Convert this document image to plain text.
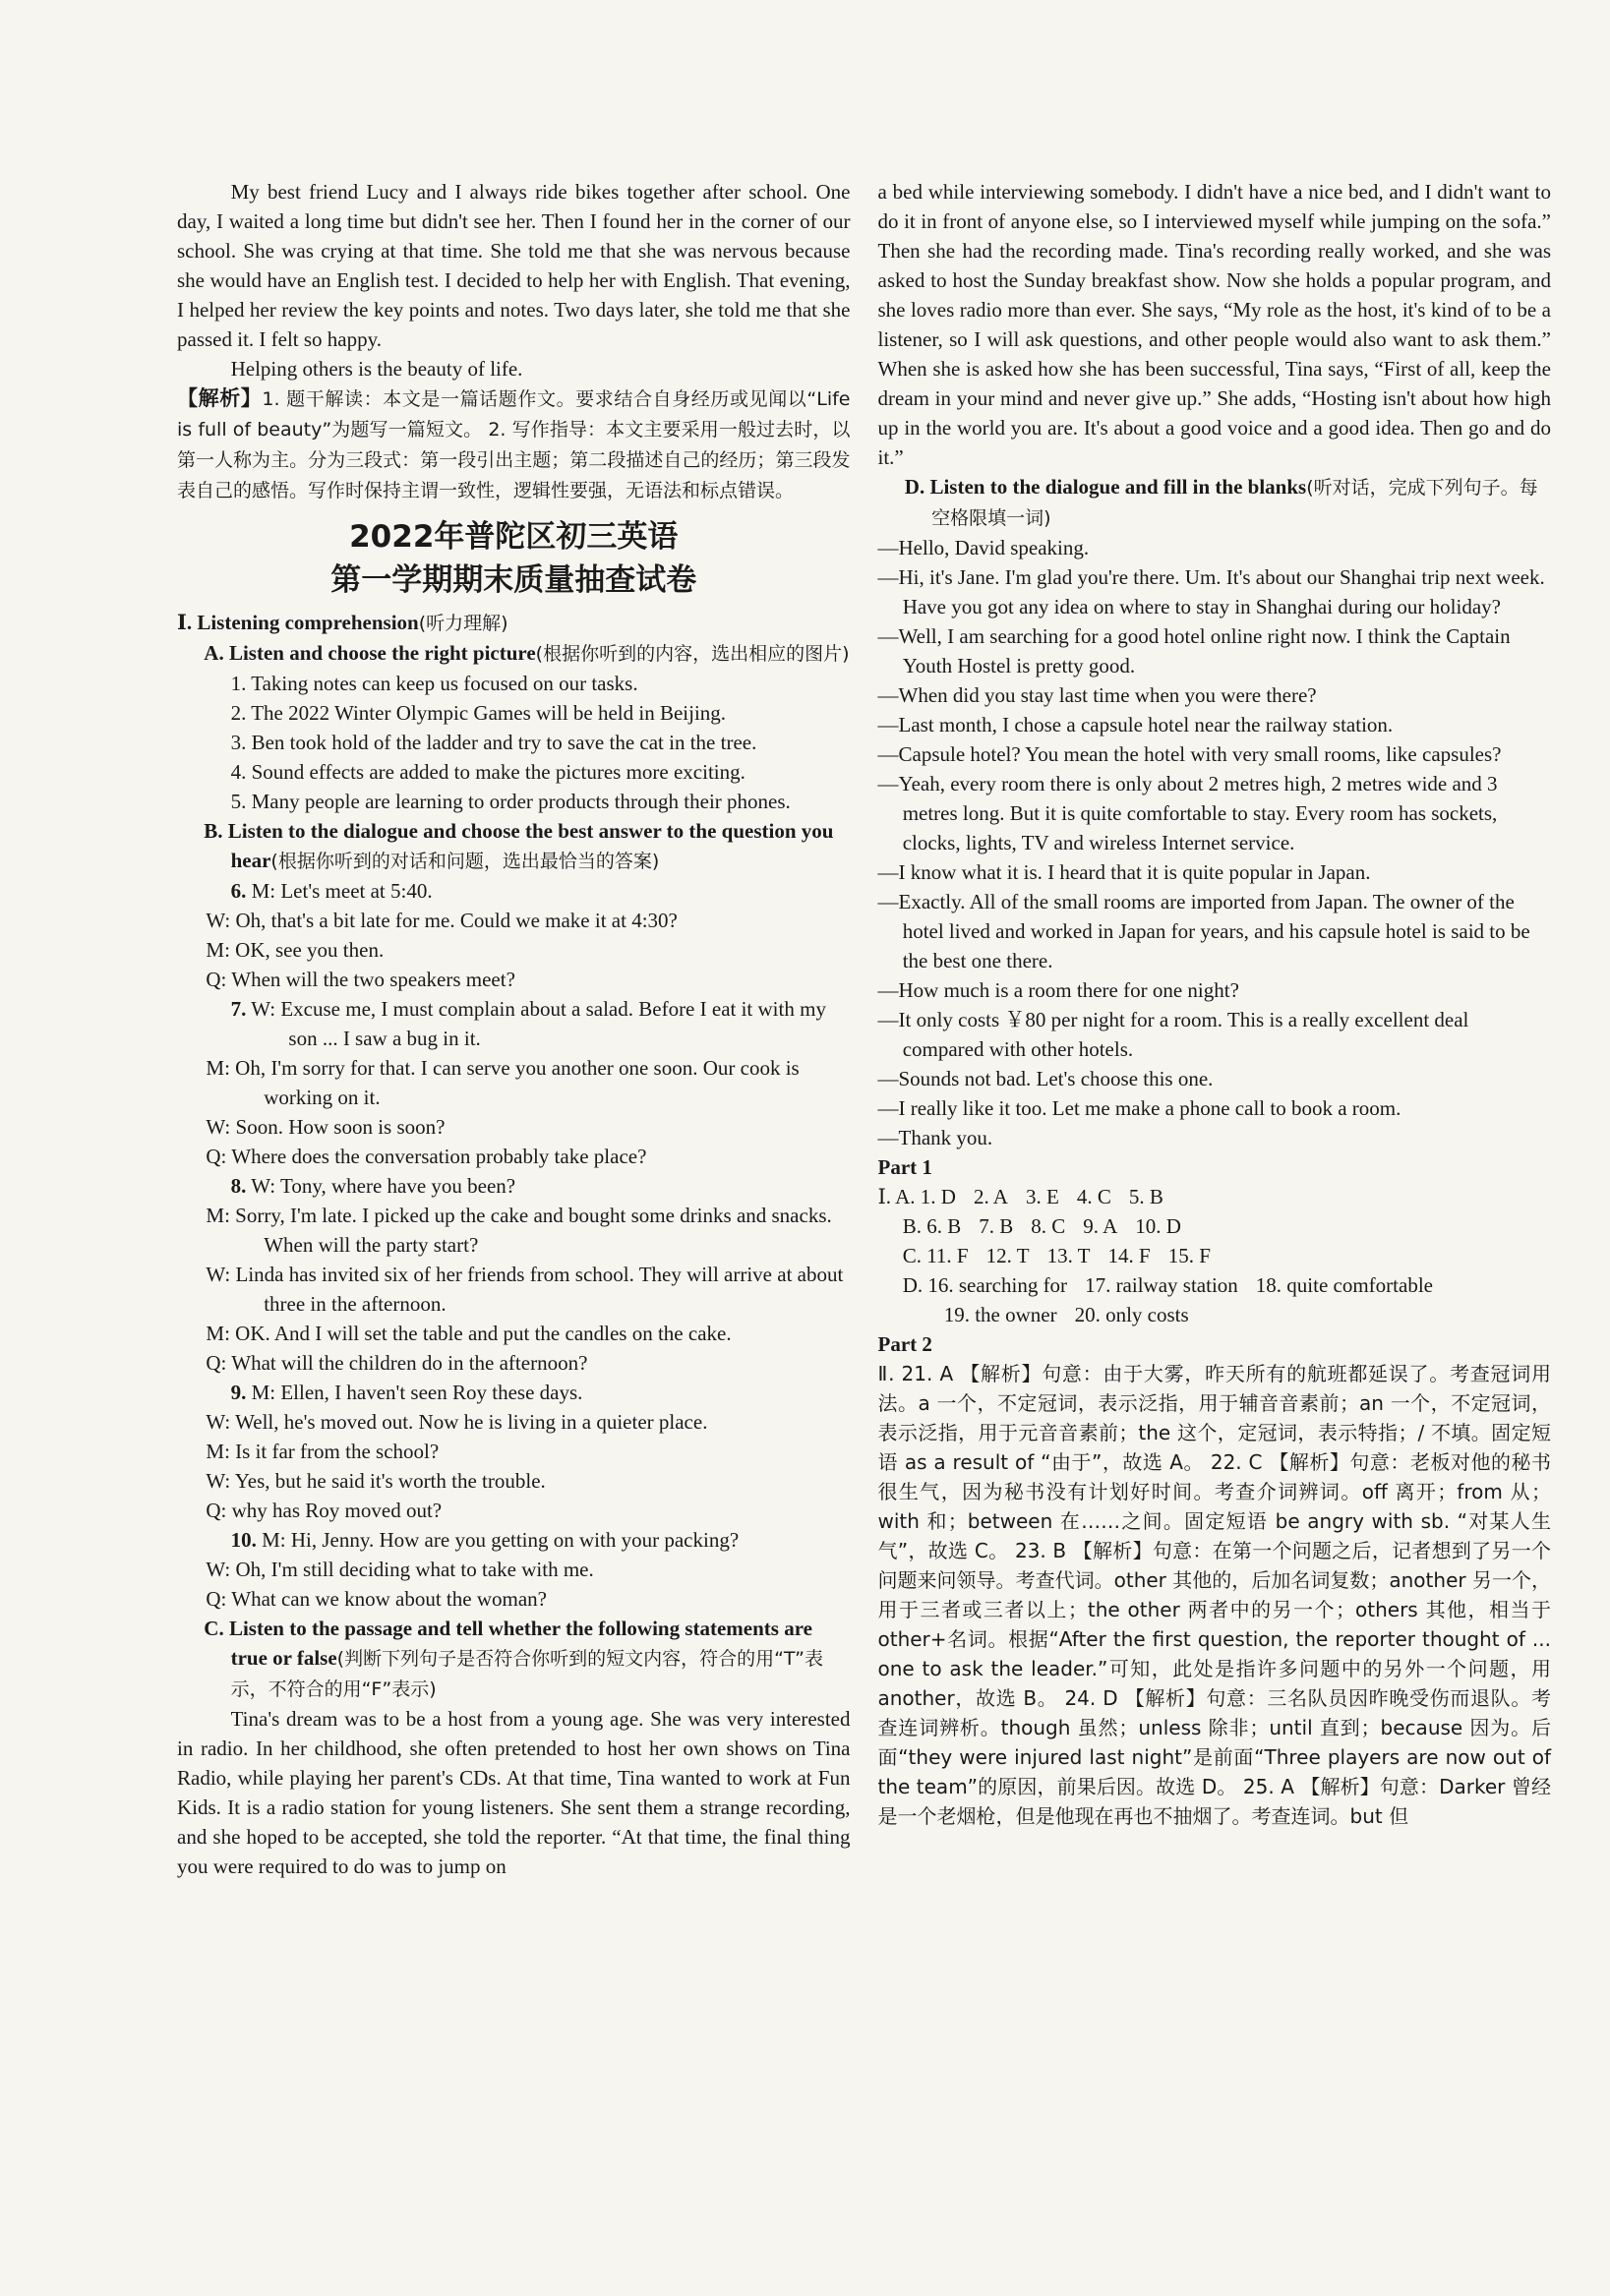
My best friend Lucy and I always ride bikes together after school. One day, I waited a long time but didn't see her. Then I found her in the corner of our school. She was crying at that time. She told me that she was nervous because she would have an English test. I decided to help her with English. That evening, I helped her review the key points and notes. Two days later, she told me that she passed it. I felt so happy.

Helping others is the beauty of life.

【解析】1. 题干解读：本文是一篇话题作文。要求结合自身经历或见闻以“Life is full of beauty”为题写一篇短文。 2. 写作指导：本文主要采用一般过去时，以第一人称为主。分为三段式：第一段引出主题；第二段描述自己的经历；第三段发表自己的感悟。写作时保持主谓一致性，逻辑性要强，无语法和标点错误。

2022年普陀区初三英语
第一学期期末质量抽查试卷

Ⅰ. Listening comprehension(听力理解)

A. Listen and choose the right picture(根据你听到的内容，选出相应的图片)

1. Taking notes can keep us focused on our tasks.

2. The 2022 Winter Olympic Games will be held in Beijing.

3. Ben took hold of the ladder and try to save the cat in the tree.

4. Sound effects are added to make the pictures more exciting.

5. Many people are learning to order products through their phones.

B. Listen to the dialogue and choose the best answer to the question you hear(根据你听到的对话和问题，选出最恰当的答案)

6. M: Let's meet at 5:40.

W: Oh, that's a bit late for me. Could we make it at 4:30?

M: OK, see you then.

Q: When will the two speakers meet?

7. W: Excuse me, I must complain about a salad. Before I eat it with my son ... I saw a bug in it.

M: Oh, I'm sorry for that. I can serve you another one soon. Our cook is working on it.

W: Soon. How soon is soon?

Q: Where does the conversation probably take place?

8. W: Tony, where have you been?

M: Sorry, I'm late. I picked up the cake and bought some drinks and snacks. When will the party start?

W: Linda has invited six of her friends from school. They will arrive at about three in the afternoon.

M: OK. And I will set the table and put the candles on the cake.

Q: What will the children do in the afternoon?

9. M: Ellen, I haven't seen Roy these days.

W: Well, he's moved out. Now he is living in a quieter place.

M: Is it far from the school?

W: Yes, but he said it's worth the trouble.

Q: why has Roy moved out?

10. M: Hi, Jenny. How are you getting on with your packing?

W: Oh, I'm still deciding what to take with me.

Q: What can we know about the woman?

C. Listen to the passage and tell whether the following statements are true or false(判断下列句子是否符合你听到的短文内容，符合的用“T”表示，不符合的用“F”表示)

Tina's dream was to be a host from a young age. She was very interested in radio. In her childhood, she often pretended to host her own shows on Tina Radio, while playing her parent's CDs. At that time, Tina wanted to work at Fun Kids. It is a radio station for young listeners. She sent them a strange recording, and she hoped to be accepted, she told the reporter. “At that time, the final thing you were required to do was to jump on

a bed while interviewing somebody. I didn't have a nice bed, and I didn't want to do it in front of anyone else, so I interviewed myself while jumping on the sofa.” Then she had the recording made. Tina's recording really worked, and she was asked to host the Sunday breakfast show. Now she holds a popular program, and she loves radio more than ever. She says, “My role as the host, it's kind of to be a listener, so I will ask questions, and other people would also want to ask them.” When she is asked how she has been successful, Tina says, “First of all, keep the dream in your mind and never give up.” She adds, “Hosting isn't about how high up in the world you are. It's about a good voice and a good idea. Then go and do it.”

D. Listen to the dialogue and fill in the blanks(听对话，完成下列句子。每空格限填一词)

—Hello, David speaking.

—Hi, it's Jane. I'm glad you're there. Um. It's about our Shanghai trip next week. Have you got any idea on where to stay in Shanghai during our holiday?

—Well, I am searching for a good hotel online right now. I think the Captain Youth Hostel is pretty good.

—When did you stay last time when you were there?

—Last month, I chose a capsule hotel near the railway station.

—Capsule hotel? You mean the hotel with very small rooms, like capsules?

—Yeah, every room there is only about 2 metres high, 2 metres wide and 3 metres long. But it is quite comfortable to stay. Every room has sockets, clocks, lights, TV and wireless Internet service.

—I know what it is. I heard that it is quite popular in Japan.

—Exactly. All of the small rooms are imported from Japan. The owner of the hotel lived and worked in Japan for years, and his capsule hotel is said to be the best one there.

—How much is a room there for one night?

—It only costs ￥80 per night for a room. This is a really excellent deal compared with other hotels.

—Sounds not bad. Let's choose this one.

—I really like it too. Let me make a phone call to book a room.

—Thank you.

Part 1

Ⅰ. A. 1. D 2. A 3. E 4. C 5. B
B. 6. B 7. B 8. C 9. A 10. D
C. 11. F 12. T 13. T 14. F 15. F
D. 16. searching for 17. railway station 18. quite comfortable
19. the owner 20. only costs

Part 2

Ⅱ. 21. A 【解析】句意：由于大雾，昨天所有的航班都延误了。考查冠词用法。a 一个，不定冠词，表示泛指，用于辅音音素前；an 一个，不定冠词，表示泛指，用于元音音素前；the 这个，定冠词，表示特指；/ 不填。固定短语 as a result of “由于”，故选 A。 22. C 【解析】句意：老板对他的秘书很生气，因为秘书没有计划好时间。考查介词辨词。off 离开；from 从；with 和；between 在……之间。固定短语 be angry with sb. “对某人生气”，故选 C。 23. B 【解析】句意：在第一个问题之后，记者想到了另一个问题来问领导。考查代词。other 其他的，后加名词复数；another 另一个，用于三者或三者以上；the other 两者中的另一个；others 其他，相当于 other+名词。根据“After the first question, the reporter thought of ... one to ask the leader.”可知，此处是指许多问题中的另外一个问题，用 another，故选 B。 24. D 【解析】句意：三名队员因昨晚受伤而退队。考查连词辨析。though 虽然；unless 除非；until 直到；because 因为。后面“they were injured last night”是前面“Three players are now out of the team”的原因，前果后因。故选 D。 25. A 【解析】句意：Darker 曾经是一个老烟枪，但是他现在再也不抽烟了。考查连词。but 但
